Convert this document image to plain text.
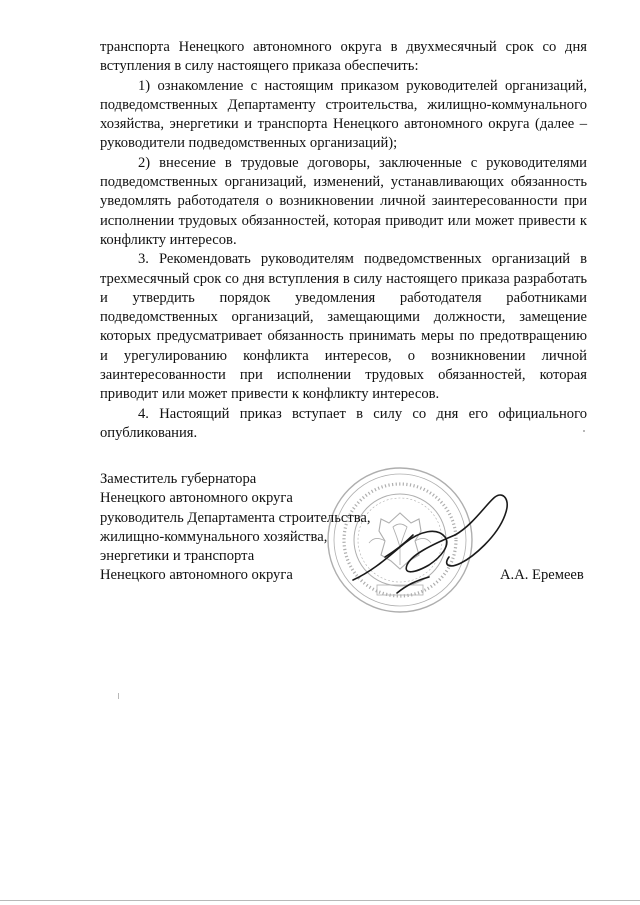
транспорта Ненецкого автономного округа в двухмесячный срок со дня вступления в силу настоящего приказа обеспечить:

1) ознакомление с настоящим приказом руководителей организаций, подведомственных Департаменту строительства, жилищно-коммунального хозяйства, энергетики и транспорта Ненецкого автономного округа (далее – руководители подведомственных организаций);

2) внесение в трудовые договоры, заключенные с руководителями подведомственных организаций, изменений, устанавливающих обязанность уведомлять работодателя о возникновении личной заинтересованности при исполнении трудовых обязанностей, которая приводит или может привести к конфликту интересов.

3. Рекомендовать руководителям подведомственных организаций в трехмесячный срок со дня вступления в силу настоящего приказа разработать и утвердить порядок уведомления работодателя работниками подведомственных организаций, замещающими должности, замещение которых предусматривает обязанность принимать меры по предотвращению и урегулированию конфликта интересов, о возникновении личной заинтересованности при исполнении трудовых обязанностей, которая приводит или может привести к конфликту интересов.

4. Настоящий приказ вступает в силу со дня его официального опубликования.

Заместитель губернатора
Ненецкого автономного округа
руководитель Департамента строительства,
жилищно-коммунального хозяйства,
энергетики и транспорта
Ненецкого автономного округа	А.А. Еремеев
